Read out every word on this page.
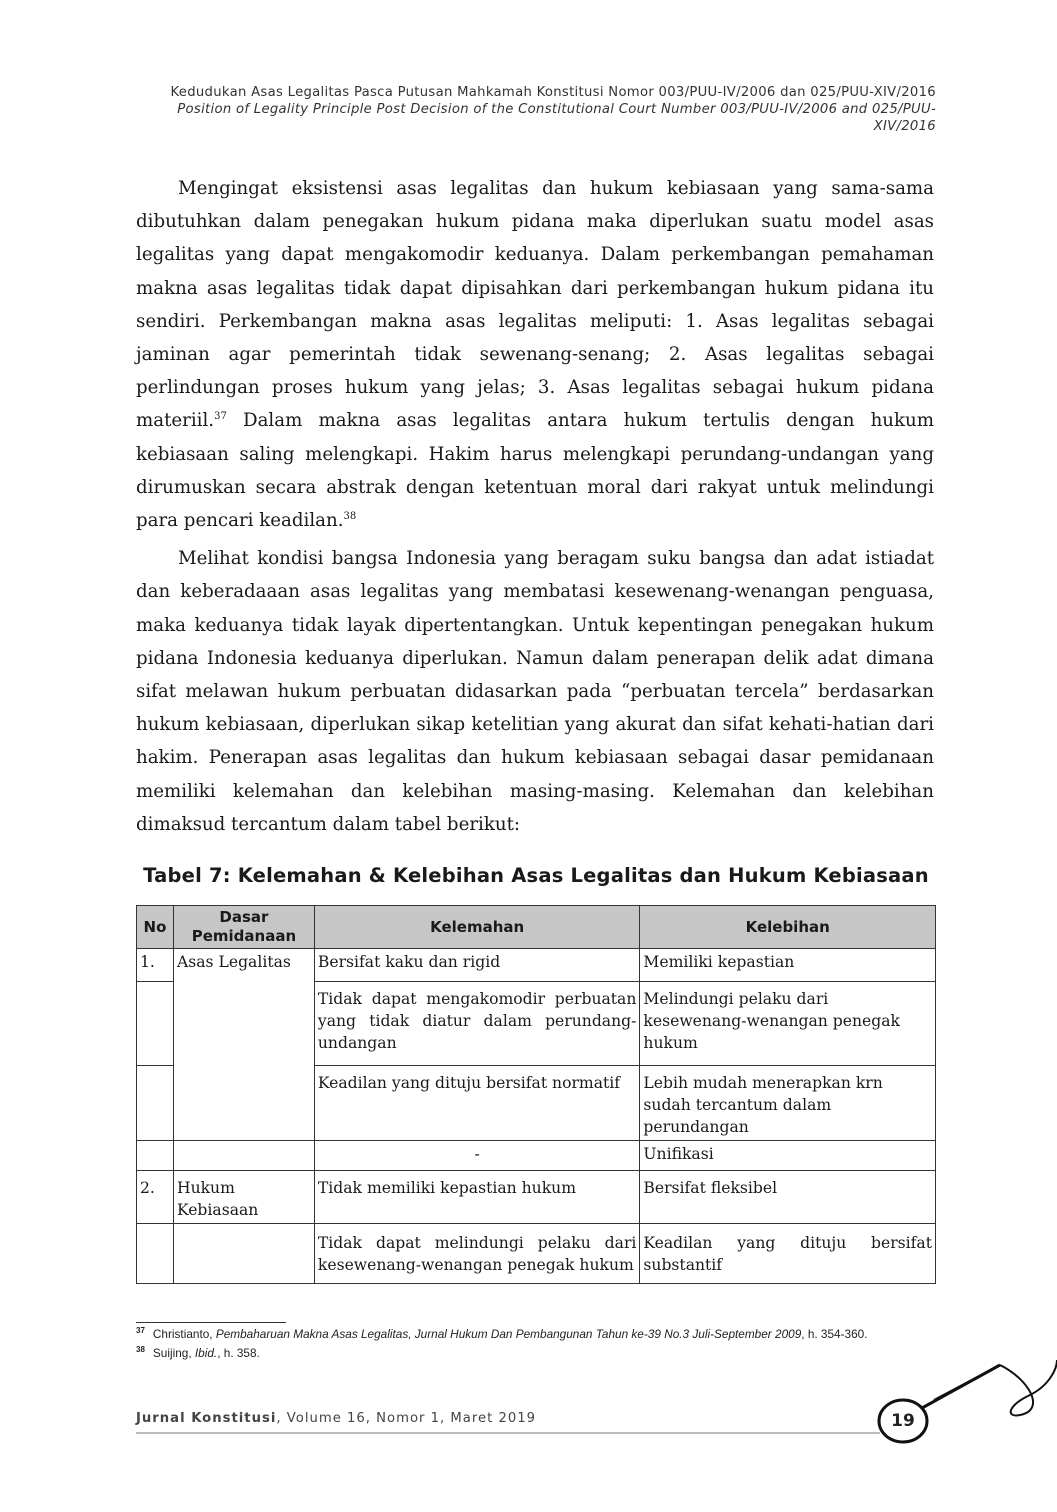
Kedudukan Asas Legalitas Pasca Putusan Mahkamah Konstitusi Nomor 003/PUU-IV/2006 dan 025/PUU-XIV/2016
Position of Legality Principle Post Decision of the Constitutional Court Number 003/PUU-IV/2006 and 025/PUU-
XIV/2016

Mengingat eksistensi asas legalitas dan hukum kebiasaan yang sama-sama dibutuhkan dalam penegakan hukum pidana maka diperlukan suatu model asas legalitas yang dapat mengakomodir keduanya. Dalam perkembangan pemahaman makna asas legalitas tidak dapat dipisahkan dari perkembangan hukum pidana itu sendiri. Perkembangan makna asas legalitas meliputi: 1. Asas legalitas sebagai jaminan agar pemerintah tidak sewenang-senang; 2. Asas legalitas sebagai perlindungan proses hukum yang jelas; 3. Asas legalitas sebagai hukum pidana materiil.$^{37}$ Dalam makna asas legalitas antara hukum tertulis dengan hukum kebiasaan saling melengkapi. Hakim harus melengkapi perundang-undangan yang dirumuskan secara abstrak dengan ketentuan moral dari rakyat untuk melindungi para pencari keadilan.$^{38}$

Melihat kondisi bangsa Indonesia yang beragam suku bangsa dan adat istiadat dan keberadaaan asas legalitas yang membatasi kesewenang-wenangan penguasa, maka keduanya tidak layak dipertentangkan. Untuk kepentingan penegakan hukum pidana Indonesia keduanya diperlukan. Namun dalam penerapan delik adat dimana sifat melawan hukum perbuatan didasarkan pada “perbuatan tercela” berdasarkan hukum kebiasaan, diperlukan sikap ketelitian yang akurat dan sifat kehati-hatian dari hakim. Penerapan asas legalitas dan hukum kebiasaan sebagai dasar pemidanaan memiliki kelemahan dan kelebihan masing-masing. Kelemahan dan kelebihan dimaksud tercantum dalam tabel berikut:

Tabel 7: Kelemahan & Kelebihan Asas Legalitas dan Hukum Kebiasaan
No	Dasar Pemidanaan	Kelemahan	Kelebihan
1.	Asas Legalitas	Bersifat kaku dan rigid	Memiliki kepastian
		Tidak dapat mengakomodir perbuatan yang tidak diatur dalam perundang-undangan	Melindungi pelaku dari kesewenang-wenangan penegak hukum
		Keadilan yang dituju bersifat normatif	Lebih mudah menerapkan krn sudah tercantum dalam perundangan
		-	Unifikasi
2.	Hukum Kebiasaan	Tidak memiliki kepastian hukum	Bersifat fleksibel
		Tidak dapat melindungi pelaku dari kesewenang-wenangan penegak hukum	Keadilan yang dituju bersifat substantif
$^{37}$ Christianto, Pembaharuan Makna Asas Legalitas, Jurnal Hukum Dan Pembangunan Tahun ke-39 No.3 Juli-September 2009, h. 354-360.
$^{38}$ Suijing, Ibid., h. 358.
Jurnal Konstitusi, Volume 16, Nomor 1, Maret 2019	19
